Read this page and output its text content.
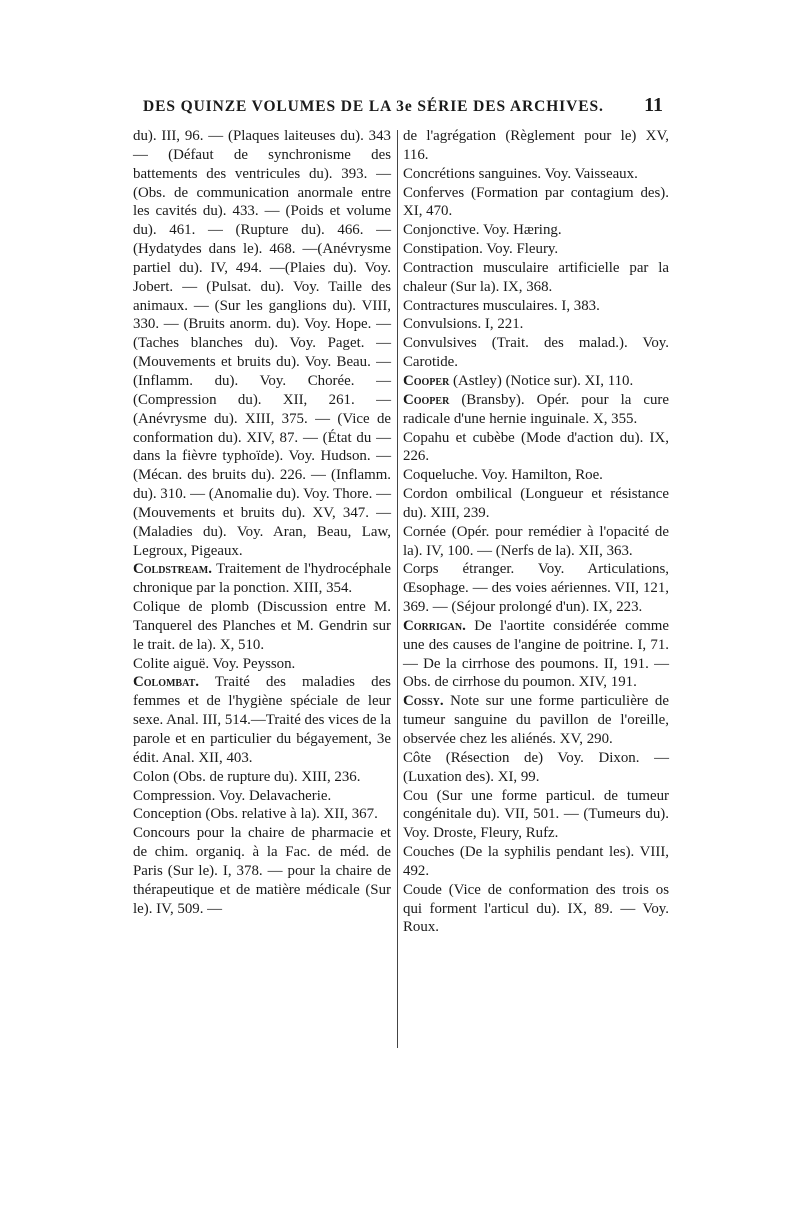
DES QUINZE VOLUMES DE LA 3e SÉRIE DES ARCHIVES. 11
du). III, 96. — (Plaques laiteuses du). 343 — (Défaut de synchronisme des battements des ventricules du). 393. — (Obs. de communication anormale entre les cavités du). 433. — (Poids et volume du). 461. — (Rupture du). 466. — (Hydatydes dans le). 468. —(Anévrysme partiel du). IV, 494. —(Plaies du). Voy. Jobert. — (Pulsat. du). Voy. Taille des animaux. — (Sur les ganglions du). VIII, 330. — (Bruits anorm. du). Voy. Hope. — (Taches blanches du). Voy. Paget. — (Mouvements et bruits du). Voy. Beau. — (Inflamm. du). Voy. Chorée. — (Compression du). XII, 261. — (Anévrysme du). XIII, 375. — (Vice de conformation du). XIV, 87. — (État du — dans la fièvre typhoïde). Voy. Hudson. — (Mécan. des bruits du). 226. — (Inflamm. du). 310. — (Anomalie du). Voy. Thore. — (Mouvements et bruits du). XV, 347. — (Maladies du). Voy. Aran, Beau, Law, Legroux, Pigeaux.
Coldstream. Traitement de l'hydrocéphale chronique par la ponction. XIII, 354.
Colique de plomb (Discussion entre M. Tanquerel des Planches et M. Gendrin sur le trait. de la). X, 510.
Colite aiguë. Voy. Peysson.
Colombat. Traité des maladies des femmes et de l'hygiène spéciale de leur sexe. Anal. III, 514.—Traité des vices de la parole et en particulier du bégayement, 3e édit. Anal. XII, 403.
Colon (Obs. de rupture du). XIII, 236.
Compression. Voy. Delavacherie.
Conception (Obs. relative à la). XII, 367.
Concours pour la chaire de pharmacie et de chim. organiq. à la Fac. de méd. de Paris (Sur le). I, 378. — pour la chaire de thérapeutique et de matière médicale (Sur le). IV, 509. —
de l'agrégation (Règlement pour le) XV, 116.
Concrétions sanguines. Voy. Vaisseaux.
Conferves (Formation par contagium des). XI, 470.
Conjonctive. Voy. Hæring.
Constipation. Voy. Fleury.
Contraction musculaire artificielle par la chaleur (Sur la). IX, 368.
Contractures musculaires. I, 383.
Convulsions. I, 221.
Convulsives (Trait. des malad.). Voy. Carotide.
Cooper (Astley) (Notice sur). XI, 110.
Cooper (Bransby). Opér. pour la cure radicale d'une hernie inguinale. X, 355.
Copahu et cubèbe (Mode d'action du). IX, 226.
Coqueluche. Voy. Hamilton, Roe.
Cordon ombilical (Longueur et résistance du). XIII, 239.
Cornée (Opér. pour remédier à l'opacité de la). IV, 100. — (Nerfs de la). XII, 363.
Corps étranger. Voy. Articulations, Œsophage. — des voies aériennes. VII, 121, 369. — (Séjour prolongé d'un). IX, 223.
Corrigan. De l'aortite considérée comme une des causes de l'angine de poitrine. I, 71. — De la cirrhose des poumons. II, 191. — Obs. de cirrhose du poumon. XIV, 191.
Cossy. Note sur une forme particulière de tumeur sanguine du pavillon de l'oreille, observée chez les aliénés. XV, 290.
Côte (Résection de) Voy. Dixon. — (Luxation des). XI, 99.
Cou (Sur une forme particul. de tumeur congénitale du). VII, 501. — (Tumeurs du). Voy. Droste, Fleury, Rufz.
Couches (De la syphilis pendant les). VIII, 492.
Coude (Vice de conformation des trois os qui forment l'articul du). IX, 89. — Voy. Roux.
